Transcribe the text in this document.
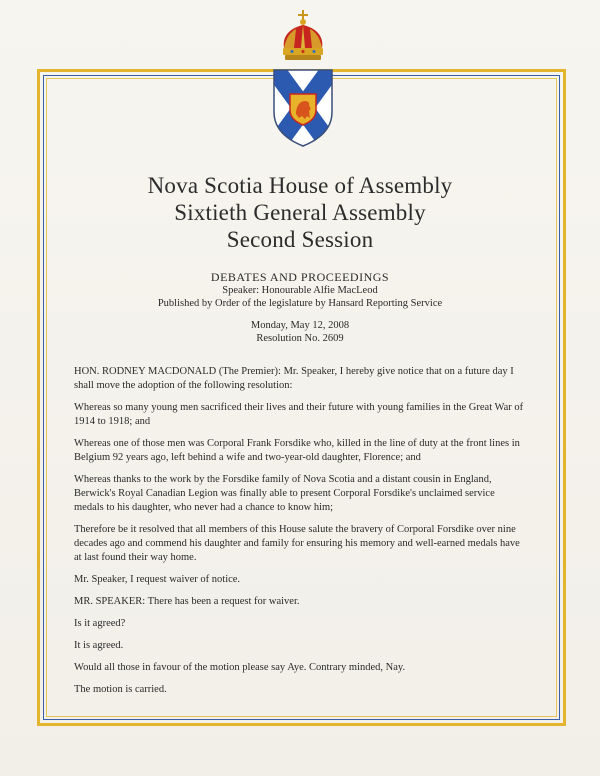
Nova Scotia House of Assembly
Sixtieth General Assembly
Second Session
DEBATES AND PROCEEDINGS
Speaker: Honourable Alfie MacLeod
Published by Order of the legislature by Hansard Reporting Service
Monday, May 12, 2008
Resolution No. 2609

HON. RODNEY MACDONALD (The Premier): Mr. Speaker, I hereby give notice that on a future day I shall move the adoption of the following resolution:

Whereas so many young men sacrificed their lives and their future with young families in the Great War of 1914 to 1918; and

Whereas one of those men was Corporal Frank Forsdike who, killed in the line of duty at the front lines in Belgium 92 years ago, left behind a wife and two-year-old daughter, Florence; and

Whereas thanks to the work by the Forsdike family of Nova Scotia and a distant cousin in England, Berwick's Royal Canadian Legion was finally able to present Corporal Forsdike's unclaimed service medals to his daughter, who never had a chance to know him;

Therefore be it resolved that all members of this House salute the bravery of Corporal Forsdike over nine decades ago and commend his daughter and family for ensuring his memory and well-earned medals have at last found their way home.

Mr. Speaker, I request waiver of notice.

MR. SPEAKER: There has been a request for waiver.

Is it agreed?

It is agreed.

Would all those in favour of the motion please say Aye. Contrary minded, Nay.

The motion is carried.
